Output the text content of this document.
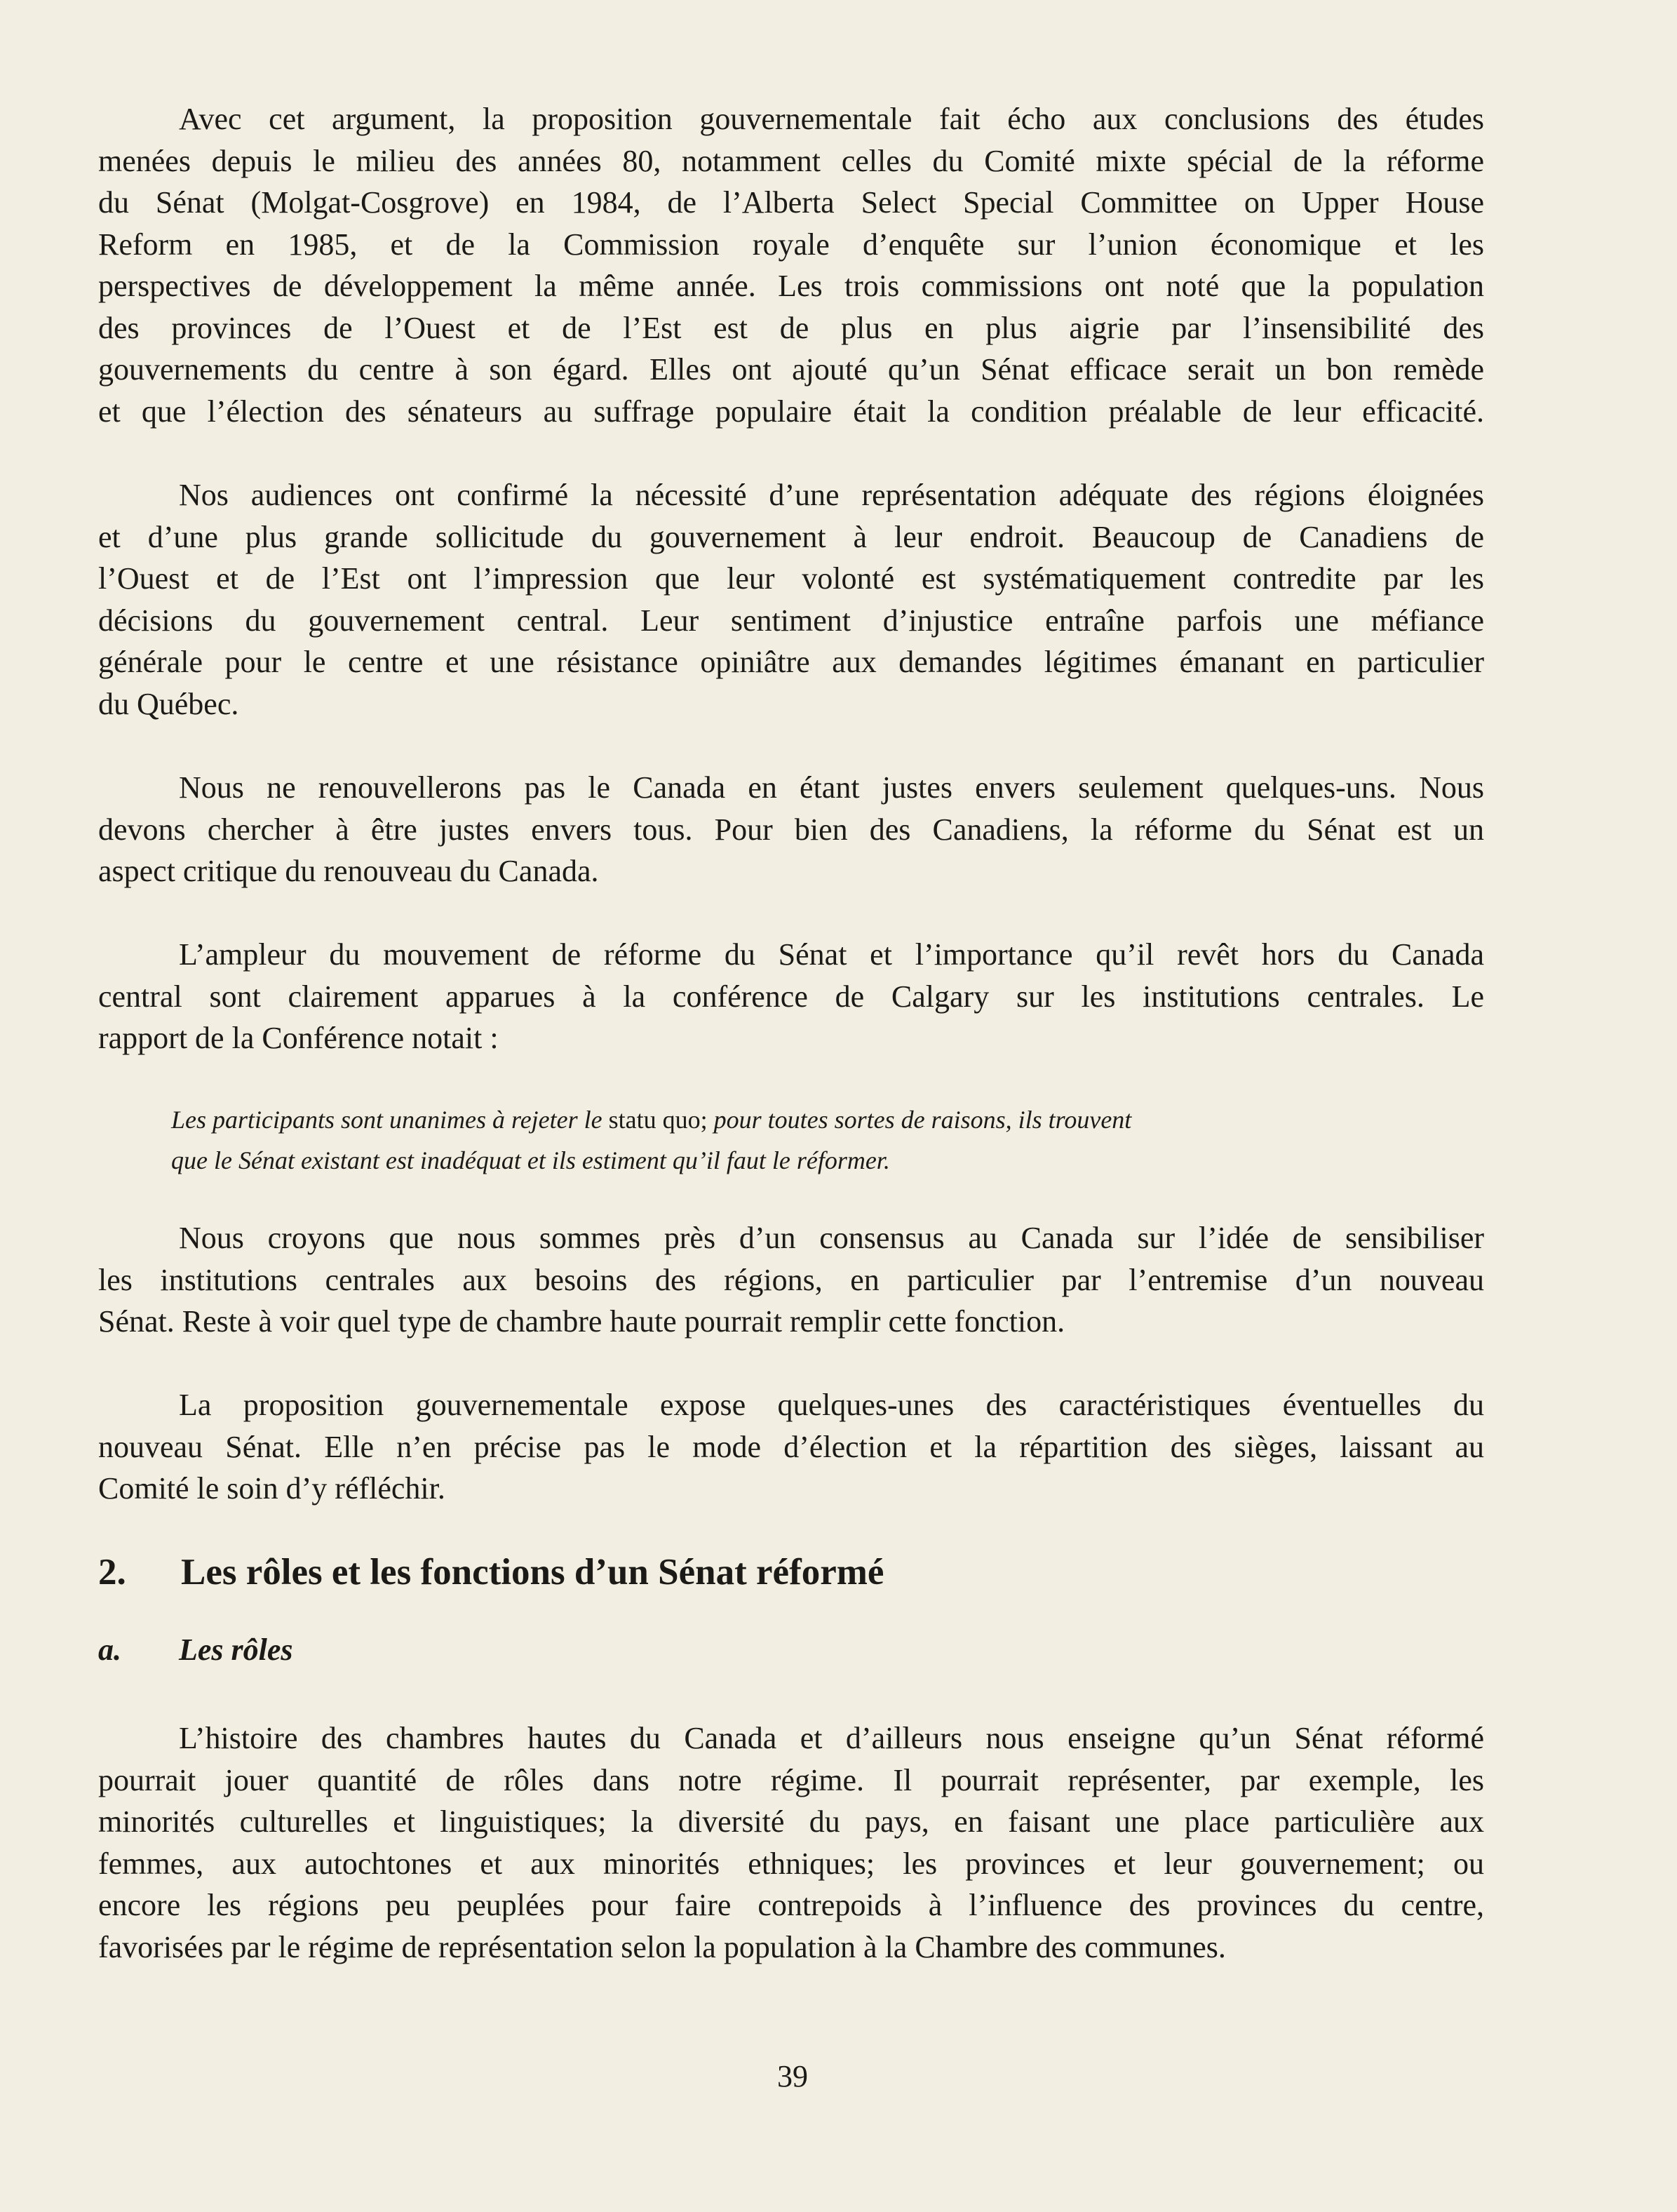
Avec cet argument, la proposition gouvernementale fait écho aux conclusions des études
menées depuis le milieu des années 80, notamment celles du Comité mixte spécial de la réforme
du Sénat (Molgat-Cosgrove) en 1984, de l’Alberta Select Special Committee on Upper House
Reform en 1985, et de la Commission royale d’enquête sur l’union économique et les
perspectives de développement la même année. Les trois commissions ont noté que la population
des provinces de l’Ouest et de l’Est est de plus en plus aigrie par l’insensibilité des
gouvernements du centre à son égard. Elles ont ajouté qu’un Sénat efficace serait un bon remède
et que l’élection des sénateurs au suffrage populaire était la condition préalable de leur efficacité.
Nos audiences ont confirmé la nécessité d’une représentation adéquate des régions éloignées
et d’une plus grande sollicitude du gouvernement à leur endroit. Beaucoup de Canadiens de
l’Ouest et de l’Est ont l’impression que leur volonté est systématiquement contredite par les
décisions du gouvernement central. Leur sentiment d’injustice entraîne parfois une méfiance
générale pour le centre et une résistance opiniâtre aux demandes légitimes émanant en particulier
du Québec.
Nous ne renouvellerons pas le Canada en étant justes envers seulement quelques-uns. Nous
devons chercher à être justes envers tous. Pour bien des Canadiens, la réforme du Sénat est un
aspect critique du renouveau du Canada.
L’ampleur du mouvement de réforme du Sénat et l’importance qu’il revêt hors du Canada
central sont clairement apparues à la conférence de Calgary sur les institutions centrales. Le
rapport de la Conférence notait :
Les participants sont unanimes à rejeter le statu quo; pour toutes sortes de raisons, ils trouvent
que le Sénat existant est inadéquat et ils estiment qu’il faut le réformer.
Nous croyons que nous sommes près d’un consensus au Canada sur l’idée de sensibiliser
les institutions centrales aux besoins des régions, en particulier par l’entremise d’un nouveau
Sénat. Reste à voir quel type de chambre haute pourrait remplir cette fonction.
La proposition gouvernementale expose quelques-unes des caractéristiques éventuelles du
nouveau Sénat. Elle n’en précise pas le mode d’élection et la répartition des sièges, laissant au
Comité le soin d’y réfléchir.
2. Les rôles et les fonctions d’un Sénat réformé
a. Les rôles
L’histoire des chambres hautes du Canada et d’ailleurs nous enseigne qu’un Sénat réformé
pourrait jouer quantité de rôles dans notre régime. Il pourrait représenter, par exemple, les
minorités culturelles et linguistiques; la diversité du pays, en faisant une place particulière aux
femmes, aux autochtones et aux minorités ethniques; les provinces et leur gouvernement; ou
encore les régions peu peuplées pour faire contrepoids à l’influence des provinces du centre,
favorisées par le régime de représentation selon la population à la Chambre des communes.
39
